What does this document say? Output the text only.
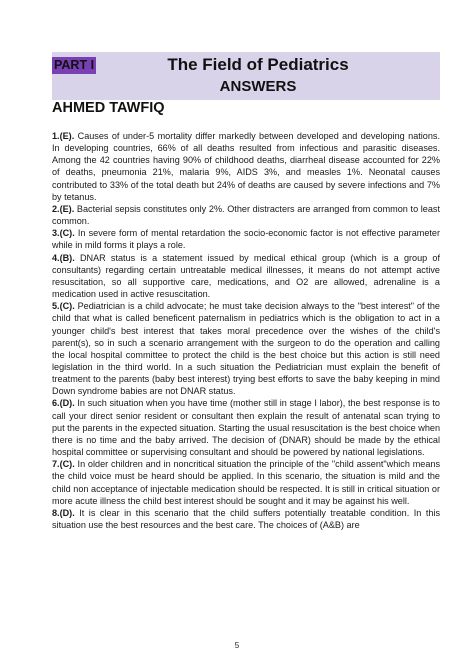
PART I	The Field of Pediatrics
ANSWERS
AHMED TAWFIQ

1.(E). Causes of under-5 mortality differ markedly between developed and developing nations. In developing countries, 66% of all deaths resulted from infectious and parasitic diseases. Among the 42 countries having 90% of childhood deaths, diarrheal disease accounted for 22% of deaths, pneumonia 21%, malaria 9%, AIDS 3%, and measles 1%. Neonatal causes contributed to 33% of the total death but 24% of deaths are caused by severe infections and 7% by tetanus.

2.(E). Bacterial sepsis constitutes only 2%. Other distracters are arranged from common to least common.

3.(C). In severe form of mental retardation the socio-economic factor is not effective parameter while in mild forms it plays a role.

4.(B). DNAR status is a statement issued by medical ethical group (which is a group of consultants) regarding certain untreatable medical illnesses, it means do not attempt active resuscitation, so all supportive care, medications, and O2 are allowed, adrenaline is a medication used in active resuscitation.

5.(C). Pediatrician is a child advocate; he must take decision always to the "best interest" of the child that what is called beneficent paternalism in pediatrics which is the obligation to act in a younger child's best interest that takes moral precedence over the wishes of the child's parent(s), so in such a scenario arrangement with the surgeon to do the operation and calling the local hospital committee to protect the child is the best choice but this action is still need legislation in the third world. In a such situation the Pediatrician must explain the benefit of treatment to the parents (baby best interest) trying best efforts to save the baby keeping in mind Down syndrome babies are not DNAR status.

6.(D). In such situation when you have time (mother still in stage I labor), the best response is to call your direct senior resident or consultant then explain the result of antenatal scan trying to put the parents in the expected situation. Starting the usual resuscitation is the best choice when there is no time and the baby arrived. The decision of (DNAR) should be made by the ethical hospital committee or supervising consultant and should be powered by national legislations.

7.(C). In older children and in noncritical situation the principle of the "child assent"which means the child voice must be heard should be applied. In this scenario, the situation is mild and the child non acceptance of injectable medication should be respected. It is still in critical situation or more acute illness the child best interest should be sought and it may be against his well.

8.(D). It is clear in this scenario that the child suffers potentially treatable condition. In this situation use the best resources and the best care. The choices of (A&B) are

5
